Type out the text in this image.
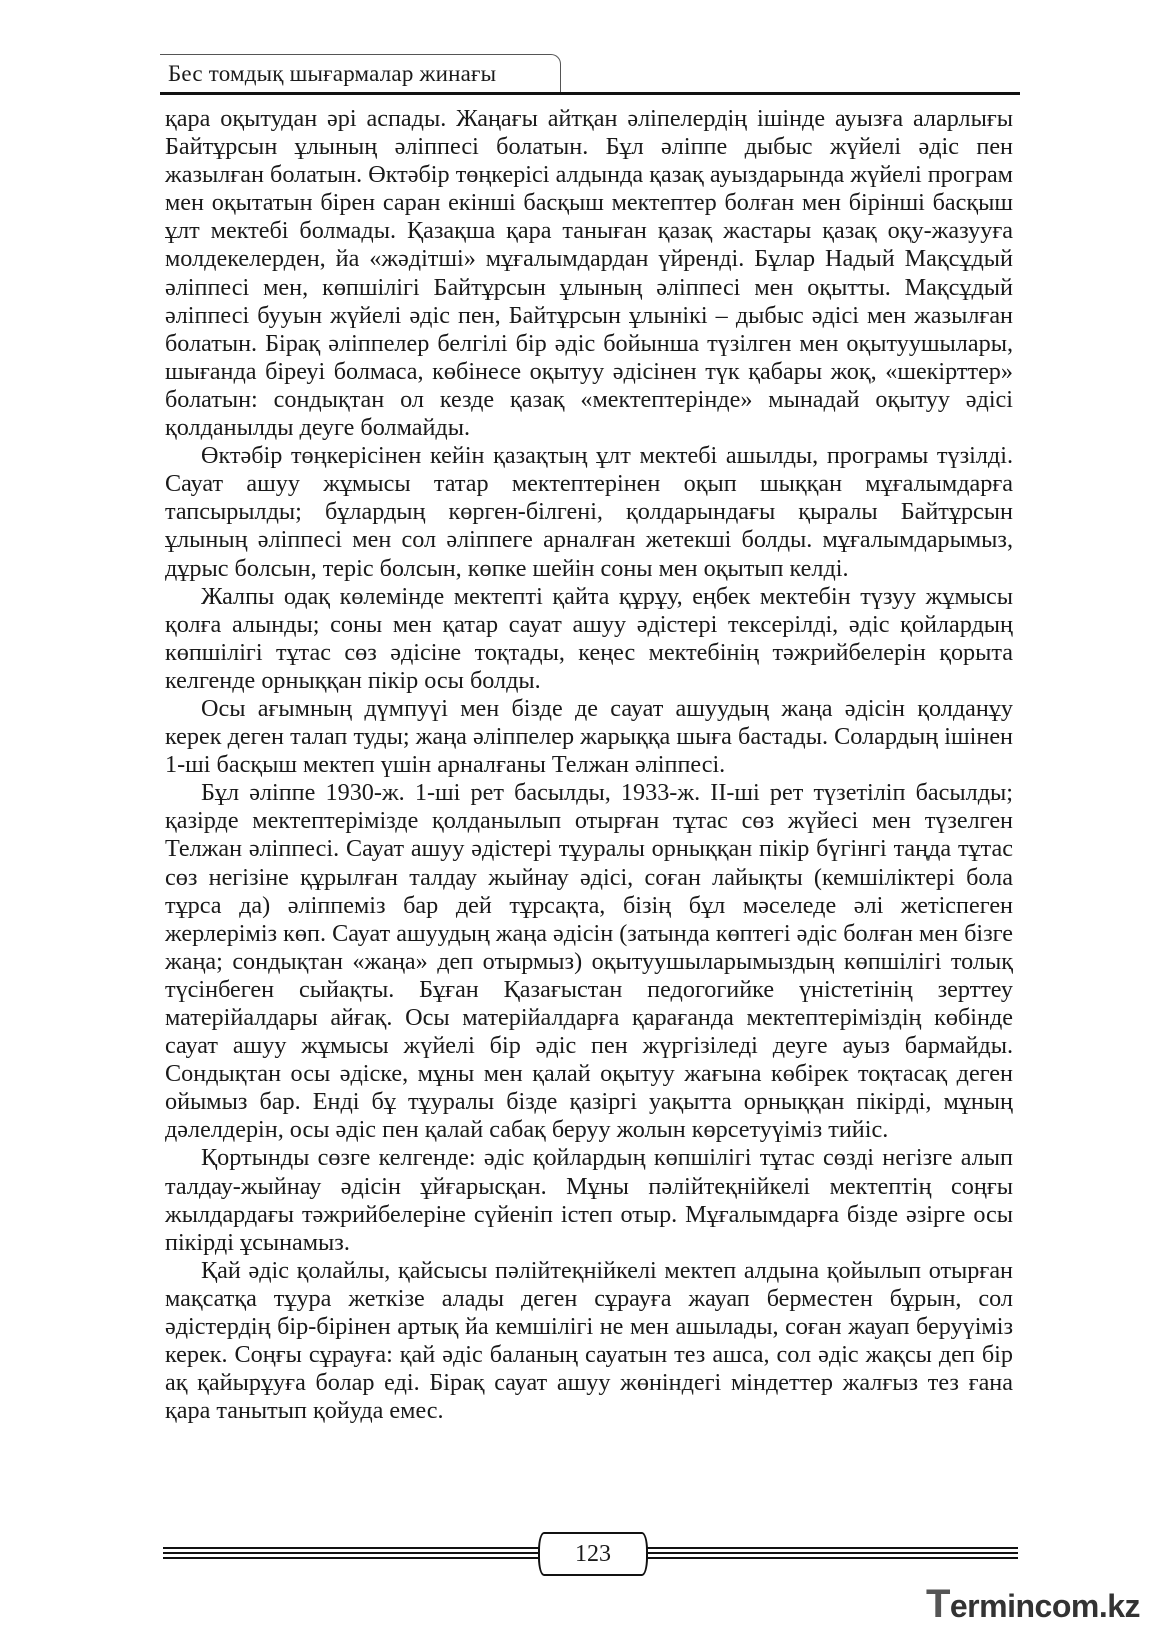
Бес томдық шығармалар жинағы

қара оқытудан әрі аспады. Жаңағы айтқан әліпелердің ішінде ауызға аларлығы Байтұрсын ұлының әліппесі болатын. Бұл әліппе дыбыс жүйелі әдіс пен жазылған болатын. Өктәбір төңкерісі алдында қазақ ауыздарында жүйелі програм мен оқытатын бірен саран екінші басқыш мектептер болған мен бірінші басқыш ұлт мектебі болмады. Қазақша қара таныған қазақ жастары қазақ оқу-жазууға молдекелерден, йа «жәдітші» мұғалымдардан үйренді. Бұлар Надый Мақсұдый әліппесі мен, көпшілігі Байтұрсын ұлының әліппесі мен оқытты. Мақсұдый әліппесі бууын жүйелі әдіс пен, Байтұрсын ұлынікі – дыбыс әдісі мен жазылған болатын. Бірақ әліппелер белгілі бір әдіс бойынша түзілген мен оқытуушылары, шығанда біреуі болмаса, көбінесе оқытуу әдісінен түк қабары жоқ, «шекірттер» болатын: сондықтан ол кезде қазақ «мектептерінде» мынадай оқытуу әдісі қолданылды деуге болмайды.

Өктәбір төңкерісінен кейін қазақтың ұлт мектебі ашылды, програмы түзілді. Сауат ашуу жұмысы татар мектептерінен оқып шыққан мұғалымдарға тапсырылды; бұлардың көрген-білгені, қолдарындағы қыралы Байтұрсын ұлының әліппесі мен сол әліппеге арналған жетекші болды. мұғалымдарымыз, дұрыс болсын, теріс болсын, көпке шейін соны мен оқытып келді.

Жалпы одақ көлемінде мектепті қайта құрұу, еңбек мектебін түзуу жұмысы қолға алынды; соны мен қатар сауат ашуу әдістері тексерілді, әдіс қойлардың көпшілігі тұтас сөз әдісіне тоқтады, кеңес мектебінің тәжрийбелерін қорыта келгенде орныққан пікір осы болды.

Осы ағымның дүмпуүі мен бізде де сауат ашуудың жаңа әдісін қолданұу керек деген талап туды; жаңа әліппелер жарыққа шыға бастады. Солардың ішінен 1-ші басқыш мектеп үшін арналғаны Телжан әліппесі.

Бұл әліппе 1930-ж. 1-ші рет басылды, 1933-ж. ІІ-ші рет түзетіліп басылды; қазірде мектептерімізде қолданылып отырған тұтас сөз жүйесі мен түзелген Телжан әліппесі. Сауат ашуу әдістері тұуралы орныққан пікір бүгінгі таңда тұтас сөз негізіне құрылған талдау жыйнау әдісі, соған лайықты (кемшіліктері бола тұрса да) әліппеміз бар дей тұрсақта, бізің бұл мәселеде әлі жетіспеген жерлеріміз көп. Сауат ашуудың жаңа әдісін (затында көптегі әдіс болған мен бізге жаңа; сондықтан «жаңа» деп отырмыз) оқытуушыларымыздың көпшілігі толық түсінбеген сыйақты. Бұған Қазағыстан педогогийке үністетінің зерттеу матерійалдары айғақ. Осы матерійалдарға қарағанда мектептеріміздің көбінде сауат ашуу жұмысы жүйелі бір әдіс пен жүргізіледі деуге ауыз бармайды. Сондықтан осы әдіске, мұны мен қалай оқытуу жағына көбірек тоқтасақ деген ойымыз бар. Енді бұ тұуралы бізде қазіргі уақытта орныққан пікірді, мұның дәлелдерін, осы әдіс пен қалай сабақ беруу жолын көрсетуүіміз тийіс.

Қортынды сөзге келгенде: әдіс қойлардың көпшілігі тұтас сөзді негізге алып талдау-жыйнау әдісін ұйғарысқан. Мұны пәлійтеқнійкелі мектептің соңғы жылдардағы тәжрийбелеріне сүйеніп істеп отыр. Мұғалымдарға бізде әзірге осы пікірді ұсынамыз.

Қай әдіс қолайлы, қайсысы пәлійтеқнійкелі мектеп алдына қойылып отырған мақсатқа тұура жеткізе алады деген сұрауға жауап берместен бұрын, сол әдістердің бір-бірінен артық йа кемшілігі не мен ашылады, соған жауап беруүіміз керек. Соңғы сұрауға: қай әдіс баланың сауатын тез ашса, сол әдіс жақсы деп бір ақ қайырұуға болар еді. Бірақ сауат ашуу жөніндегі міндеттер жалғыз тез ғана қара танытып қойуда емес.

123
Termincom.kz
